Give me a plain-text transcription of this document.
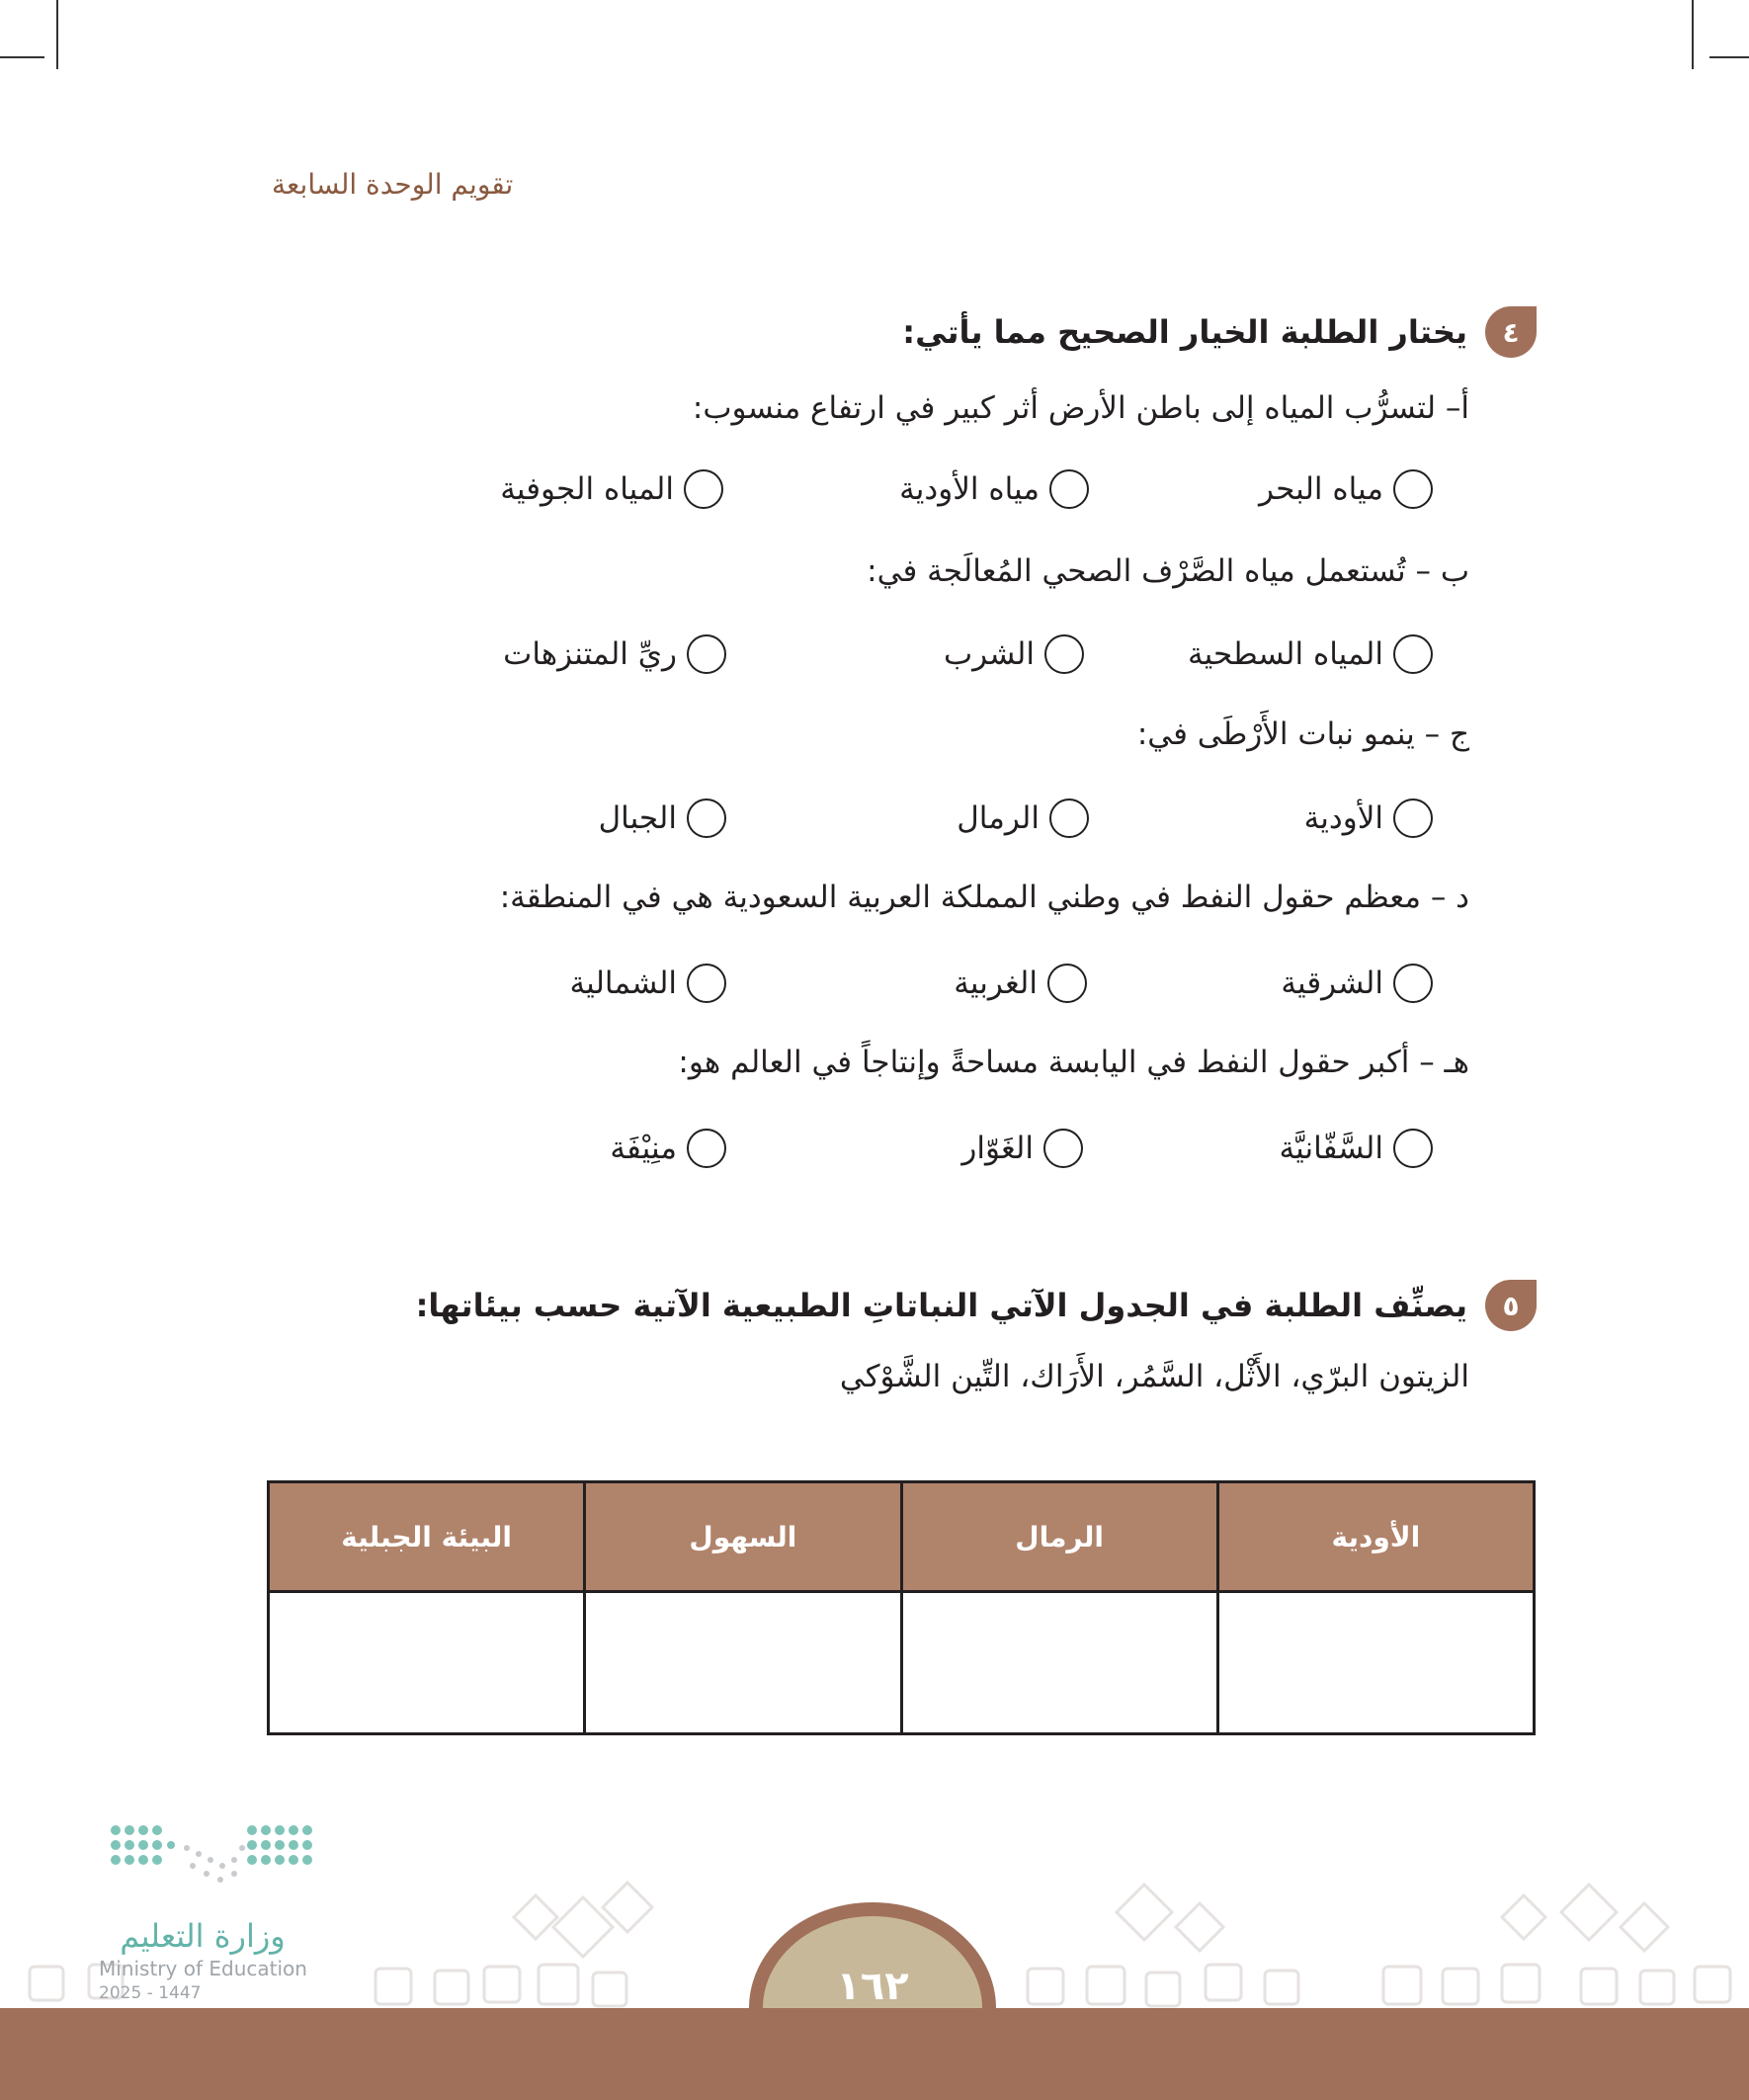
تقويم الوحدة السابعة
٤
يختار الطلبة الخيار الصحيح مما يأتي:
أ– لتسرُّب المياه إلى باطن الأرض أثر كبير في ارتفاع منسوب:
مياه البحر
مياه الأودية
المياه الجوفية
ب – تُستعمل مياه الصَّرْف الصحي المُعالَجة في:
المياه السطحية
الشرب
ريِّ المتنزهات
ج – ينمو نبات الأَرْطَى في:
الأودية
الرمال
الجبال
د – معظم حقول النفط في وطني المملكة العربية السعودية هي في المنطقة:
الشرقية
الغربية
الشمالية
هـ – أكبر حقول النفط في اليابسة مساحةً وإنتاجاً في العالم هو:
السَّفّانيَّة
الغَوّار
منِيْفَة
٥
يصنِّف الطلبة في الجدول الآتي النباتاتِ الطبيعية الآتية حسب بيئاتها:
الزيتون البرّي، الأَثْل، السَّمُر، الأَرَاك، التِّين الشَّوْكي
الأودية	الرمال	السهول	البيئة الجبلية

١٦٢
وزارة التعليم
Ministry of Education
2025 - 1447
